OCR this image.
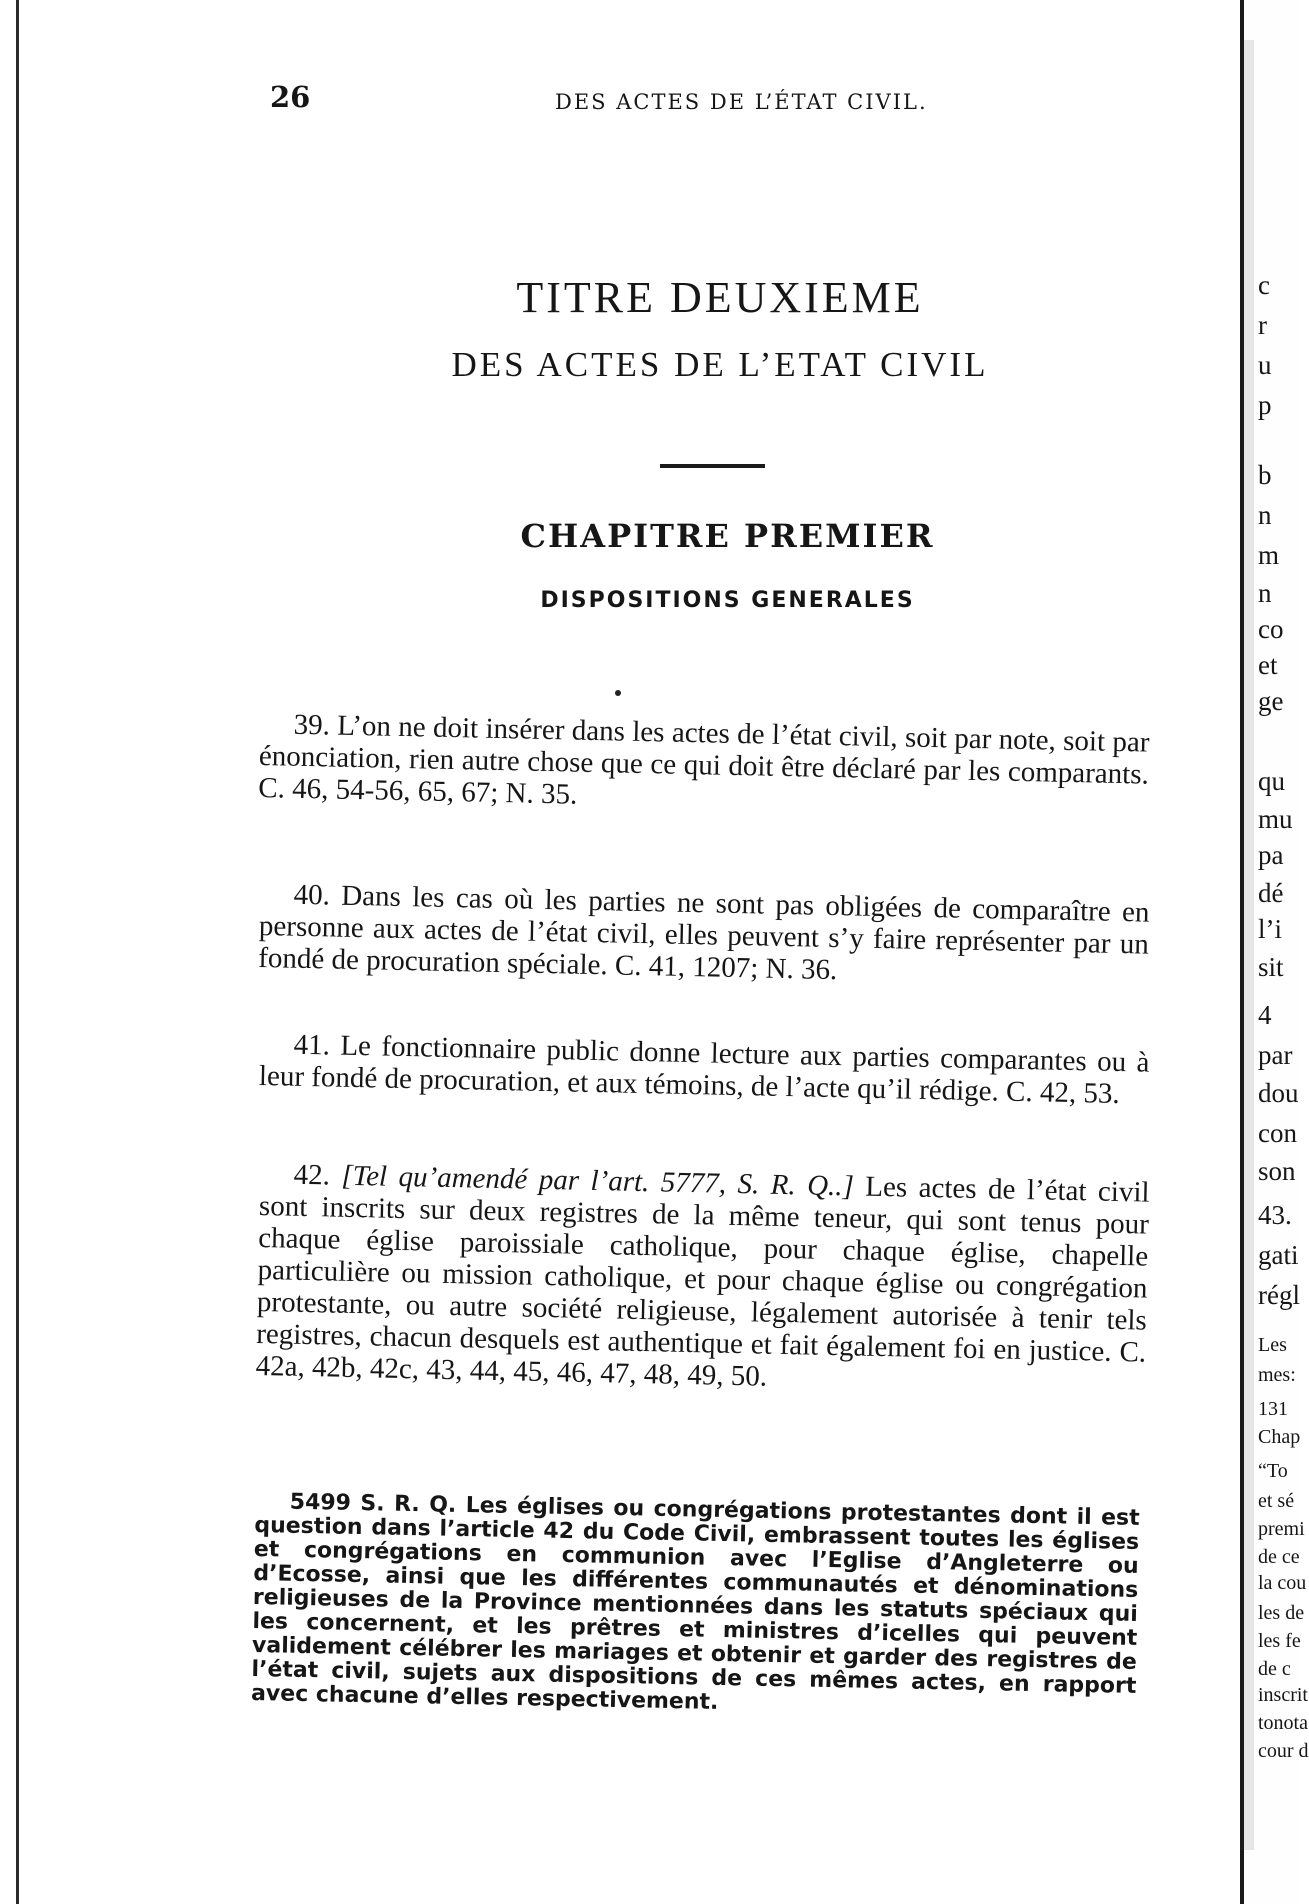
26	DES ACTES DE L’ÉTAT CIVIL.
TITRE DEUXIEME
DES ACTES DE L’ETAT CIVIL
CHAPITRE PREMIER
DISPOSITIONS GENERALES
39. L’on ne doit insérer dans les actes de l’état civil, soit par note, soit par énonciation, rien autre chose que ce qui doit être déclaré par les comparants. C. 46, 54-56, 65, 67; N. 35.
40. Dans les cas où les parties ne sont pas obligées de comparaître en personne aux actes de l’état civil, elles peuvent s’y faire représenter par un fondé de procuration spéciale. C. 41, 1207; N. 36.
41. Le fonctionnaire public donne lecture aux parties comparantes ou à leur fondé de procuration, et aux témoins, de l’acte qu’il rédige. C. 42, 53.
42. [Tel qu’amendé par l’art. 5777, S. R. Q..] Les actes de l’état civil sont inscrits sur deux registres de la même teneur, qui sont tenus pour chaque église paroissiale catholique, pour chaque église, chapelle particulière ou mission catholique, et pour chaque église ou congrégation protestante, ou autre société religieuse, légalement autorisée à tenir tels registres, chacun desquels est authentique et fait également foi en justice. C. 42a, 42b, 42c, 43, 44, 45, 46, 47, 48, 49, 50.
5499 S. R. Q. Les églises ou congrégations protestantes dont il est question dans l’article 42 du Code Civil, embrassent toutes les églises et congrégations en communion avec l’Eglise d’Angleterre ou d’Ecosse, ainsi que les différentes communautés et dénominations religieuses de la Province mentionnées dans les statuts spéciaux qui les concernent, et les prêtres et ministres d’icelles qui peuvent validement célébrer les mariages et obtenir et garder des registres de l’état civil, sujets aux dispositions de ces mêmes actes, en rapport avec chacune d’elles respectivement.
c
r
u
p
b
n
m
n
co
et
ge
qu
mu
pa
dé
l’i
sit
4
par
dou
con
son
43.
gati
régl
Les
mes:
131
Chap
“To
et sé
premi
de ce
la cou
les de
les fe
de c
inscrit
tonota
cour d
